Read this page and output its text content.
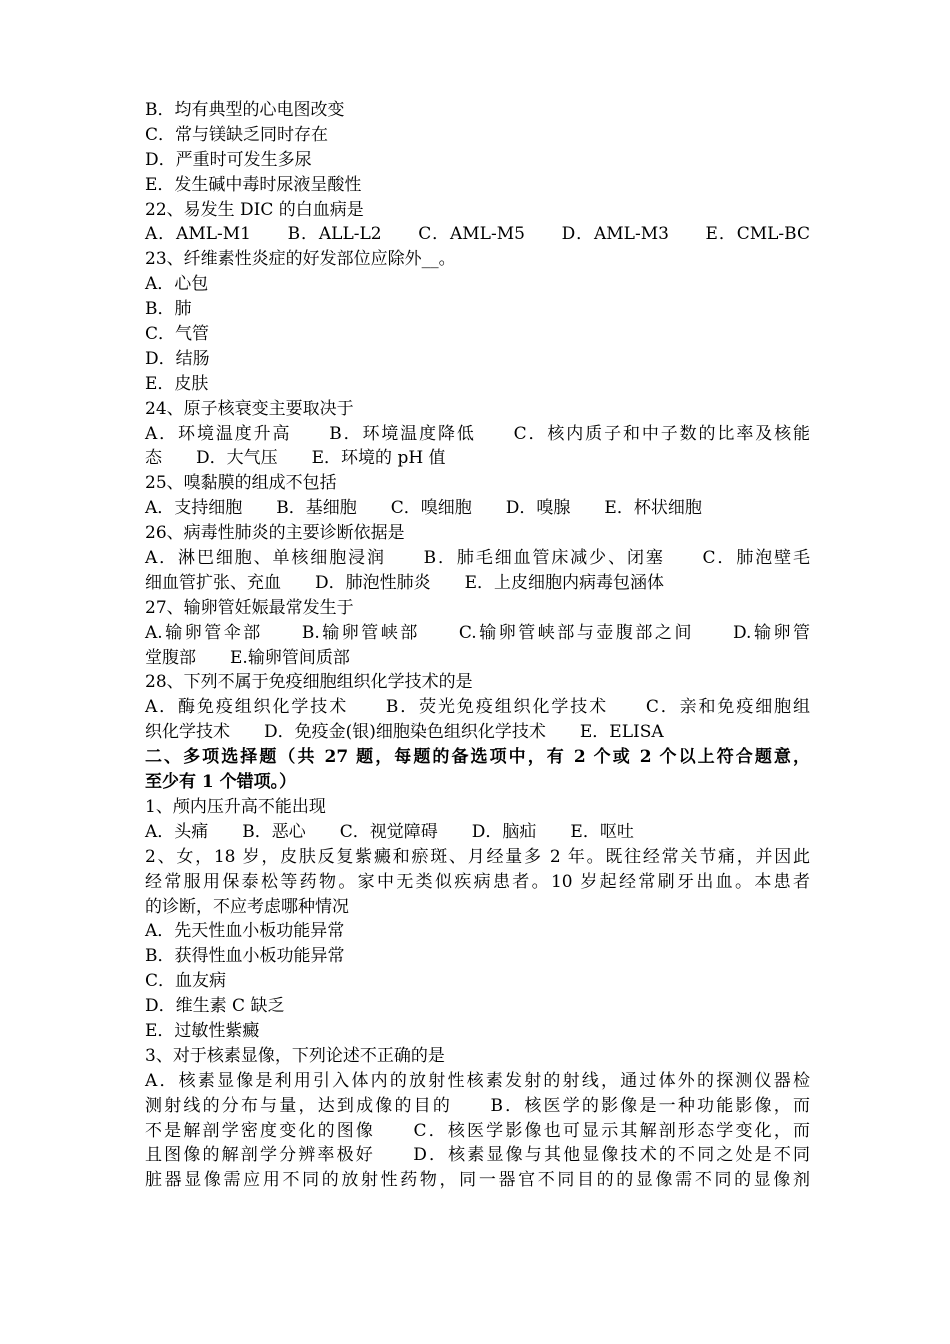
B．均有典型的心电图改变
C．常与镁缺乏同时存在
D．严重时可发生多尿
E．发生碱中毒时尿液呈酸性
22、易发生 DIC 的白血病是
A．AML-M1　　B．ALL-L2　　C．AML-M5　　D．AML-M3　　E．CML-BC
23、纤维素性炎症的好发部位应除外__。
A．心包
B．肺
C．气管
D．结肠
E．皮肤
24、原子核衰变主要取决于
A．环境温度升高　　B．环境温度降低　　C．核内质子和中子数的比率及核能
态　　D．大气压　　E．环境的 pH 值
25、嗅黏膜的组成不包括
A．支持细胞　　B．基细胞　　C．嗅细胞　　D．嗅腺　　E．杯状细胞
26、病毒性肺炎的主要诊断依据是
A．淋巴细胞、单核细胞浸润　　B．肺毛细血管床减少、闭塞　　C．肺泡壁毛
细血管扩张、充血　　D．肺泡性肺炎　　E．上皮细胞内病毒包涵体
27、输卵管妊娠最常发生于
A.输卵管伞部　　B.输卵管峡部　　C.输卵管峡部与壶腹部之间　　D.输卵管
堂腹部　　E.输卵管间质部
28、下列不属于免疫细胞组织化学技术的是
A．酶免疫组织化学技术　　B．荧光免疫组织化学技术　　C．亲和免疫细胞组
织化学技术　　D．免疫金(银)细胞染色组织化学技术　　E．ELISA
二、多项选择题（共 27 题，每题的备选项中，有 2 个或 2 个以上符合题意，
至少有 1 个错项。）
1、颅内压升高不能出现
A．头痛　　B．恶心　　C．视觉障碍　　D．脑疝　　E．呕吐
2、女，18 岁，皮肤反复紫癜和瘀斑、月经量多 2 年。既往经常关节痛，并因此
经常服用保泰松等药物。家中无类似疾病患者。10 岁起经常刷牙出血。本患者
的诊断，不应考虑哪种情况
A．先天性血小板功能异常
B．获得性血小板功能异常
C．血友病
D．维生素 C 缺乏
E．过敏性紫癜
3、对于核素显像，下列论述不正确的是
A．核素显像是利用引入体内的放射性核素发射的射线，通过体外的探测仪器检
测射线的分布与量，达到成像的目的　　B．核医学的影像是一种功能影像，而
不是解剖学密度变化的图像　　C．核医学影像也可显示其解剖形态学变化，而
且图像的解剖学分辨率极好　　D．核素显像与其他显像技术的不同之处是不同
脏器显像需应用不同的放射性药物，同一器官不同目的的显像需不同的显像剂
